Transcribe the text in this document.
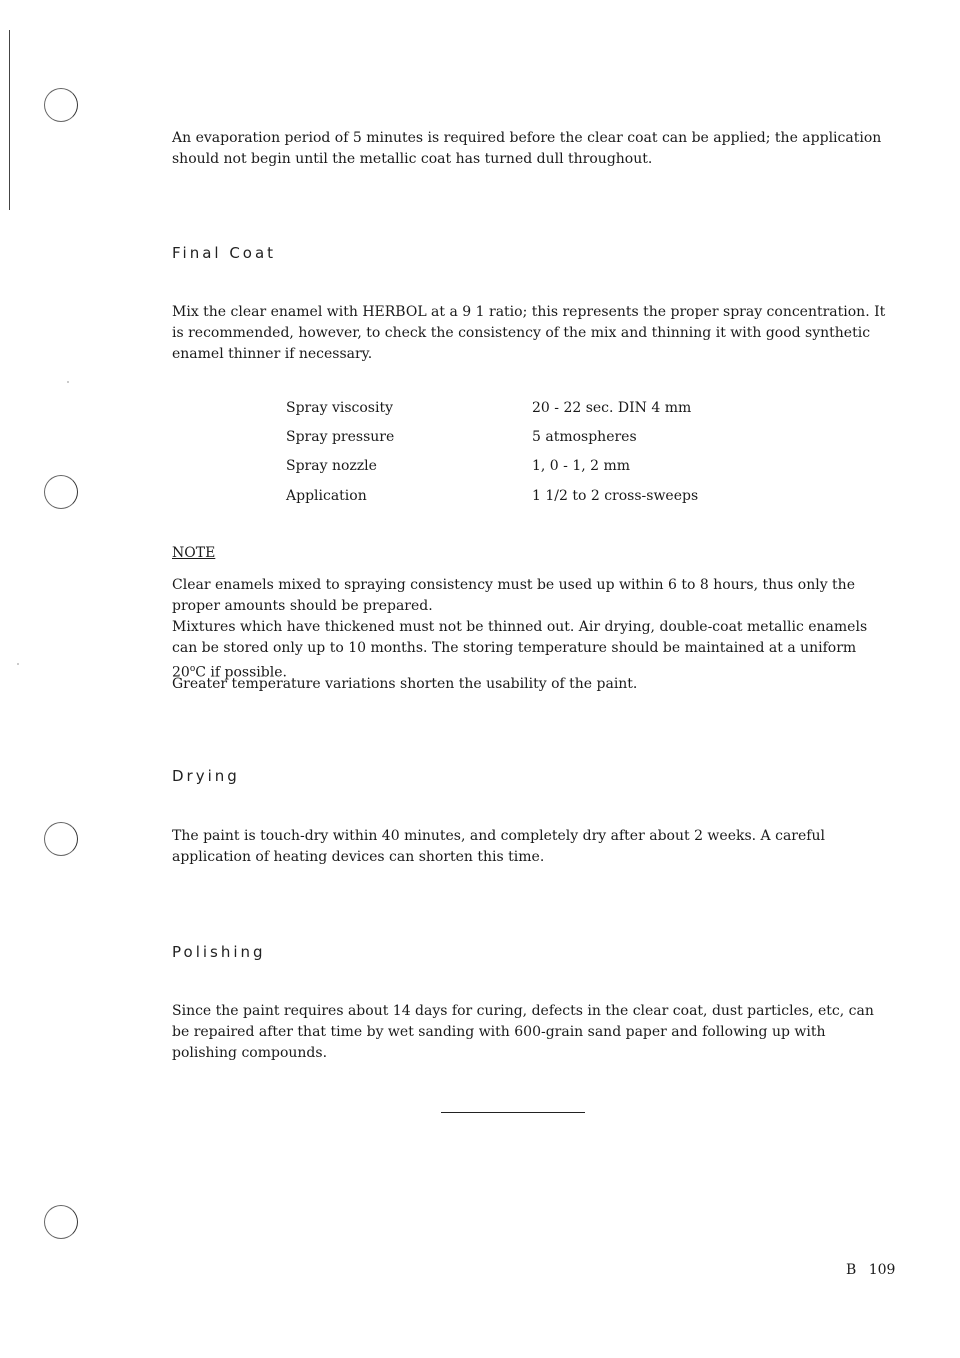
An evaporation period of 5 minutes is required before the clear coat can be applied; the application should not begin until the metallic coat has turned dull throughout.

Final Coat

Mix the clear enamel with HERBOL at a 9 1 ratio; this represents the proper spray concentration. It is recommended, however, to check the consistency of the mix and thinning it with good synthetic enamel thinner if necessary.

Spray viscosity	20 - 22 sec. DIN 4 mm
Spray pressure	5 atmospheres
Spray nozzle	1, 0 - 1, 2 mm
Application	1 1/2 to 2 cross-sweeps
NOTE

Clear enamels mixed to spraying consistency must be used up within 6 to 8 hours, thus only the proper amounts should be prepared.

Mixtures which have thickened must not be thinned out. Air drying, double-coat metallic enamels can be stored only up to 10 months. The storing temperature should be maintained at a uniform 20$^o$C if possible.

Greater temperature variations shorten the usability of the paint.

Drying

The paint is touch-dry within 40 minutes, and completely dry after about 2 weeks. A careful application of heating devices can shorten this time.

Polishing

Since the paint requires about 14 days for curing, defects in the clear coat, dust particles, etc, can be repaired after that time by wet sanding with 600-grain sand paper and following up with polishing compounds.

B 109
